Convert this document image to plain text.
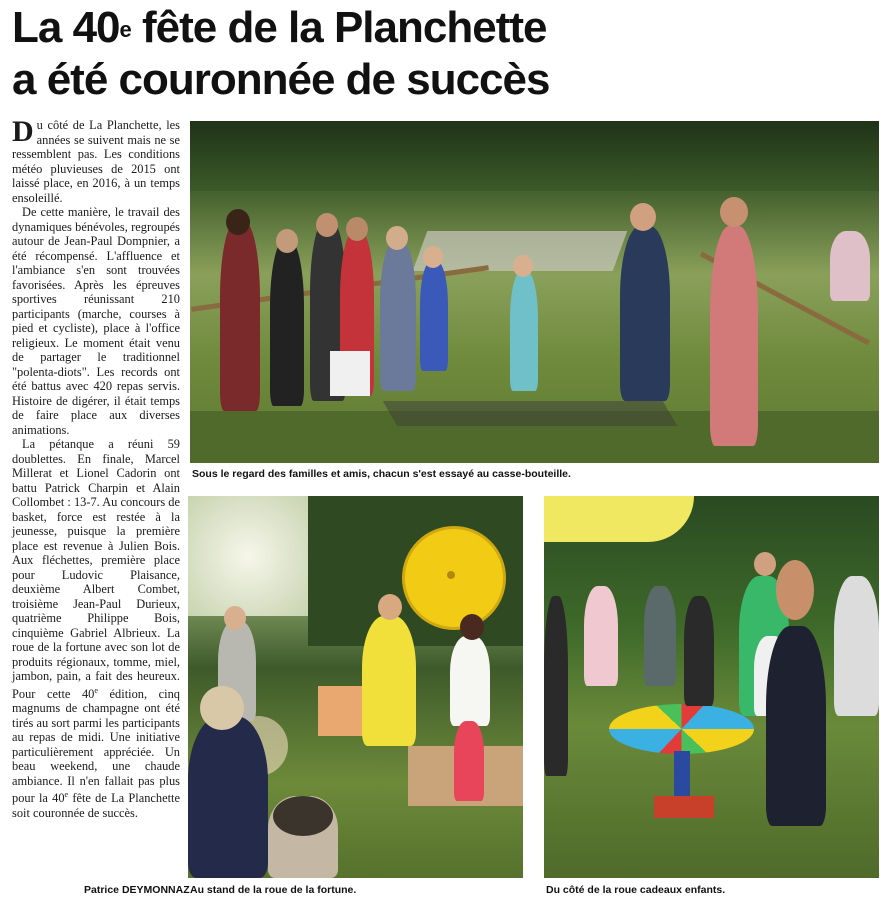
La 40e fête de la Planchette
a été couronnée de succès

Du côté de La Planchette, les années se suivent mais ne se ressemblent pas. Les conditions météo pluvieuses de 2015 ont laissé place, en 2016, à un temps ensoleillé.

De cette manière, le travail des dynamiques bénévoles, regroupés autour de Jean-Paul Dompnier, a été récompensé. L'affluence et l'ambiance s'en sont trouvées favorisées. Après les épreuves sportives réunissant 210 participants (marche, courses à pied et cycliste), place à l'office religieux. Le moment était venu de partager le traditionnel "polenta-diots". Les records ont été battus avec 420 repas servis. Histoire de digérer, il était temps de faire place aux diverses animations.

La pétanque a réuni 59 doublettes. En finale, Marcel Millerat et Lionel Cadorin ont battu Patrick Charpin et Alain Collombet : 13-7. Au concours de basket, force est restée à la jeunesse, puisque la première place est revenue à Julien Bois. Aux fléchettes, première place pour Ludovic Plaisance, deuxième Albert Combet, troisième Jean-Paul Durieux, quatrième Philippe Bois, cinquième Gabriel Albrieux. La roue de la fortune avec son lot de produits régionaux, tomme, miel, jambon, pain, a fait des heureux. Pour cette 40e édition, cinq magnums de champagne ont été tirés au sort parmi les participants au repas de midi. Une initiative particulièrement appréciée. Un beau weekend, une chaude ambiance. Il n'en fallait pas plus pour la 40e fête de La Planchette soit couronnée de succès.

Patrice DEYMONNAZ
Sous le regard des familles et amis, chacun s'est essayé au casse-bouteille.
Au stand de la roue de la fortune.	Du côté de la roue cadeaux enfants.
